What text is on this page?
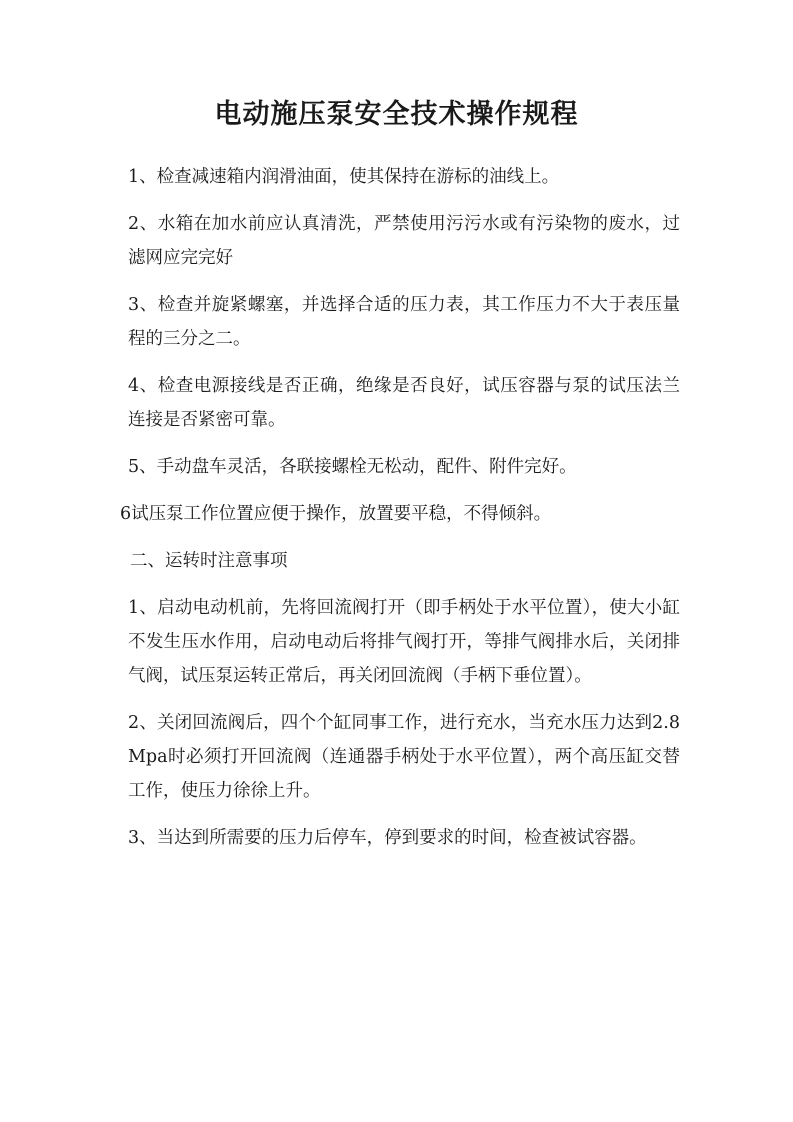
电动施压泵安全技术操作规程

1、检查减速箱内润滑油面，使其保持在游标的油线上。

2、水箱在加水前应认真清洗，严禁使用污污水或有污染物的废水，过滤网应完完好

3、检查并旋紧螺塞，并选择合适的压力表，其工作压力不大于表压量程的三分之二。

4、检查电源接线是否正确，绝缘是否良好，试压容器与泵的试压法兰连接是否紧密可靠。

5、手动盘车灵活，各联接螺栓无松动，配件、附件完好。

6试压泵工作位置应便于操作，放置要平稳，不得倾斜。

二、运转时注意事项

1、启动电动机前，先将回流阀打开（即手柄处于水平位置），使大小缸不发生压水作用，启动电动后将排气阀打开，等排气阀排水后，关闭排气阀，试压泵运转正常后，再关闭回流阀（手柄下垂位置）。

2、关闭回流阀后，四个个缸同事工作，进行充水，当充水压力达到2.8Mpa时必须打开回流阀（连通器手柄处于水平位置），两个高压缸交替工作，使压力徐徐上升。

3、当达到所需要的压力后停车，停到要求的时间，检查被试容器。
